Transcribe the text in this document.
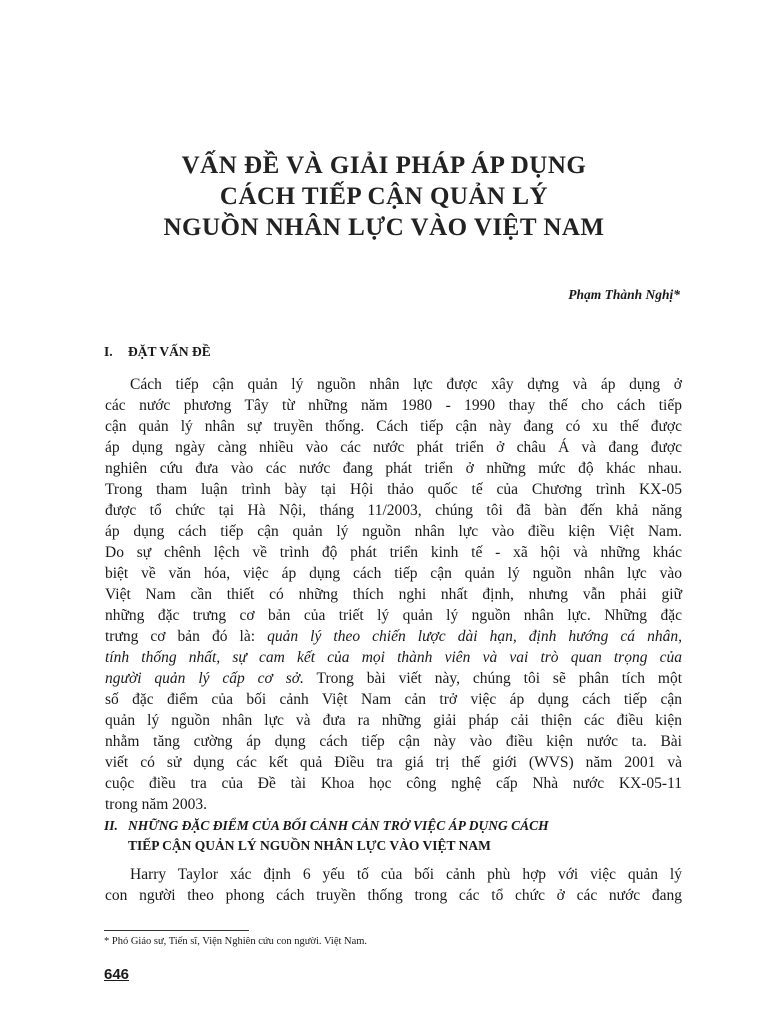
VẤN ĐỀ VÀ GIẢI PHÁP ÁP DỤNG
CÁCH TIẾP CẬN QUẢN LÝ
NGUỒN NHÂN LỰC VÀO VIỆT NAM
Phạm Thành Nghị*
I. ĐẶT VẤN ĐỀ
Cách tiếp cận quản lý nguồn nhân lực được xây dựng và áp dụng ở
các nước phương Tây từ những năm 1980 - 1990 thay thế cho cách tiếp
cận quản lý nhân sự truyền thống. Cách tiếp cận này đang có xu thế được
áp dụng ngày càng nhiều vào các nước phát triển ở châu Á và đang được
nghiên cứu đưa vào các nước đang phát triển ở những mức độ khác nhau.
Trong tham luận trình bày tại Hội thảo quốc tế của Chương trình KX-05
được tổ chức tại Hà Nội, tháng 11/2003, chúng tôi đã bàn đến khả năng
áp dụng cách tiếp cận quản lý nguồn nhân lực vào điều kiện Việt Nam.
Do sự chênh lệch về trình độ phát triển kinh tế - xã hội và những khác
biệt về văn hóa, việc áp dụng cách tiếp cận quản lý nguồn nhân lực vào
Việt Nam cần thiết có những thích nghi nhất định, nhưng vẫn phải giữ
những đặc trưng cơ bản của triết lý quản lý nguồn nhân lực. Những đặc
trưng cơ bản đó là: quản lý theo chiến lược dài hạn, định hướng cá nhân,
tính thống nhất, sự cam kết của mọi thành viên và vai trò quan trọng của
người quản lý cấp cơ sở. Trong bài viết này, chúng tôi sẽ phân tích một
số đặc điểm của bối cảnh Việt Nam cản trở việc áp dụng cách tiếp cận
quản lý nguồn nhân lực và đưa ra những giải pháp cải thiện các điều kiện
nhằm tăng cường áp dụng cách tiếp cận này vào điều kiện nước ta. Bài
viết có sử dụng các kết quả Điều tra giá trị thế giới (WVS) năm 2001 và
cuộc điều tra của Đề tài Khoa học công nghệ cấp Nhà nước KX-05-11
trong năm 2003.
II. NHỮNG ĐẶC ĐIỂM CỦA BỐI CẢNH CẢN TRỞ VIỆC ÁP DỤNG CÁCH
TIẾP CẬN QUẢN LÝ NGUỒN NHÂN LỰC VÀO VIỆT NAM
Harry Taylor xác định 6 yếu tố của bối cảnh phù hợp với việc quản lý
con người theo phong cách truyền thống trong các tổ chức ở các nước đang
* Phó Giáo sư, Tiến sĩ, Viện Nghiên cứu con người. Việt Nam.
646
